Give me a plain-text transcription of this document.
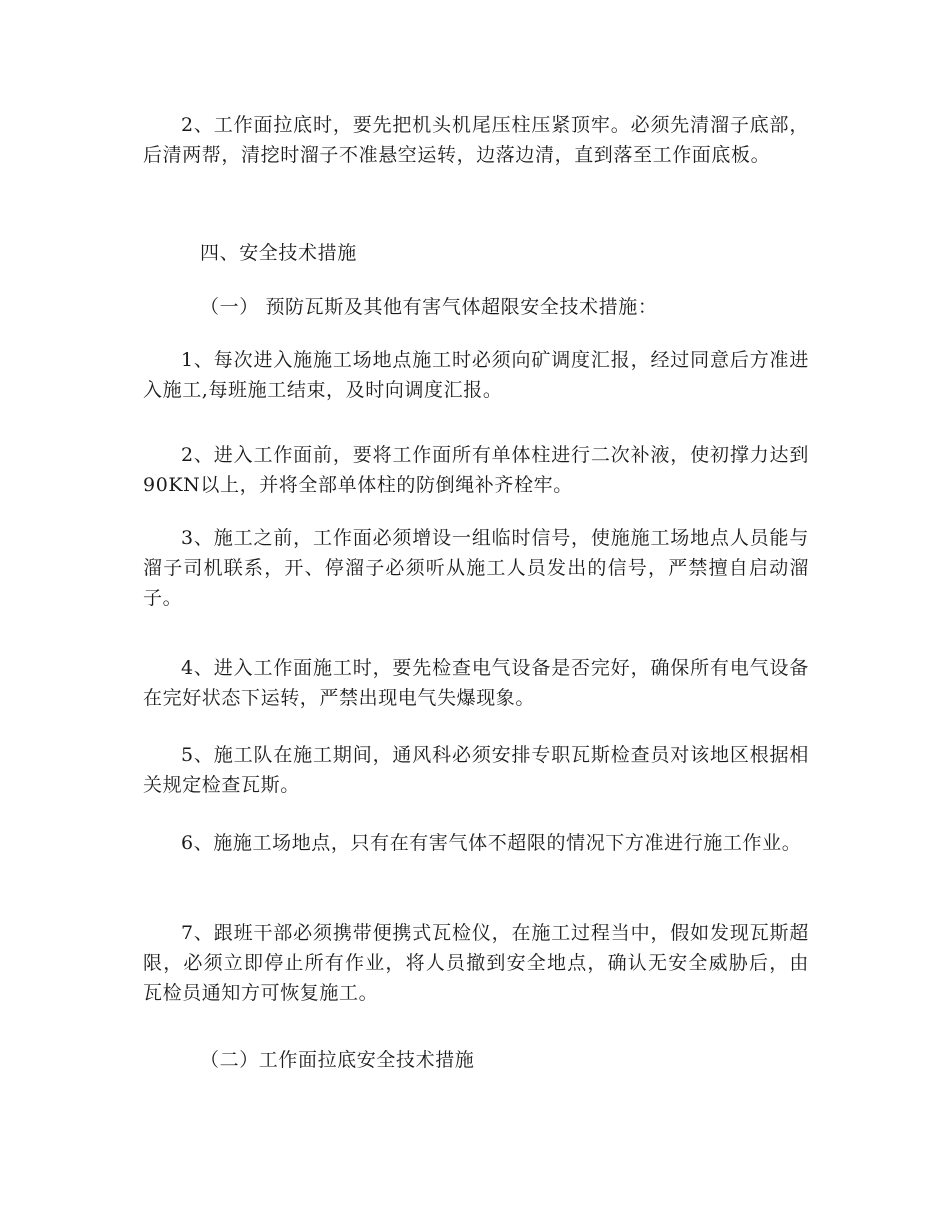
2、工作面拉底时，要先把机头机尾压柱压紧顶牢。必须先清溜子底部，后清两帮，清挖时溜子不准悬空运转，边落边清，直到落至工作面底板。

四、安全技术措施

（一） 预防瓦斯及其他有害气体超限安全技术措施：

1、每次进入施施工场地点施工时必须向矿调度汇报，经过同意后方准进入施工,每班施工结束，及时向调度汇报。

2、进入工作面前，要将工作面所有单体柱进行二次补液，使初撑力达到90KN以上，并将全部单体柱的防倒绳补齐栓牢。

3、施工之前，工作面必须增设一组临时信号，使施施工场地点人员能与溜子司机联系，开、停溜子必须听从施工人员发出的信号，严禁擅自启动溜子。

4、进入工作面施工时，要先检查电气设备是否完好，确保所有电气设备在完好状态下运转，严禁出现电气失爆现象。

5、施工队在施工期间，通风科必须安排专职瓦斯检查员对该地区根据相关规定检查瓦斯。

6、施施工场地点，只有在有害气体不超限的情况下方准进行施工作业。

7、跟班干部必须携带便携式瓦检仪，在施工过程当中，假如发现瓦斯超限，必须立即停止所有作业，将人员撤到安全地点，确认无安全威胁后，由瓦检员通知方可恢复施工。

（二）工作面拉底安全技术措施
